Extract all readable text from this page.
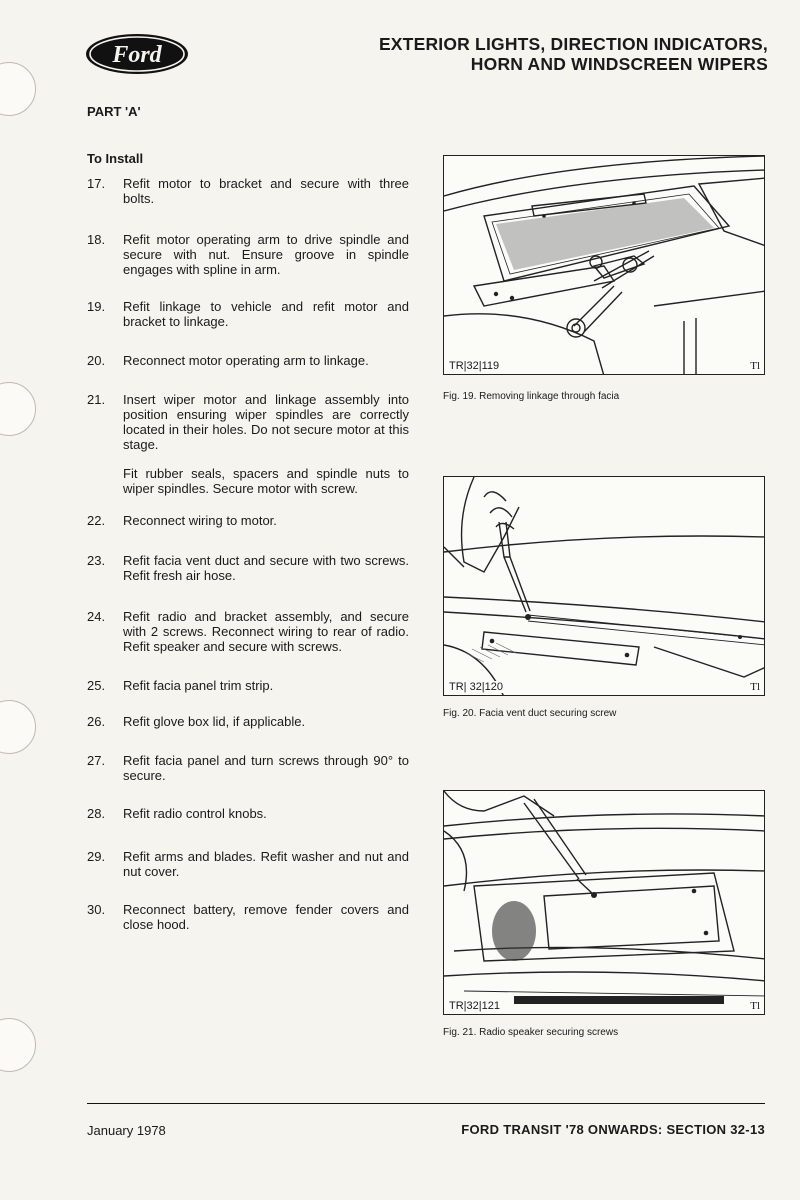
Ford	EXTERIOR LIGHTS, DIRECTION INDICATORS,
HORN AND WINDSCREEN WIPERS
PART 'A'
To Install
17.	Refit motor to bracket and secure with three bolts.

18.	Refit motor operating arm to drive spindle and secure with nut. Ensure groove in spindle engages with spline in arm.

19.	Refit linkage to vehicle and refit motor and bracket to linkage.

20.	Reconnect motor operating arm to linkage.

21.	Insert wiper motor and linkage assembly into position ensuring wiper spindles are correctly located in their holes. Do not secure motor at this stage.

Fit rubber seals, spacers and spindle nuts to wiper spindles. Secure motor with screw.

22.	Reconnect wiring to motor.

23.	Refit facia vent duct and secure with two screws. Refit fresh air hose.

24.	Refit radio and bracket assembly, and secure with 2 screws. Reconnect wiring to rear of radio. Refit speaker and secure with screws.

25.	Refit facia panel trim strip.

26.	Refit glove box lid, if applicable.

27.	Refit facia panel and turn screws through 90° to secure.

28.	Refit radio control knobs.

29.	Refit arms and blades. Refit washer and nut and nut cover.

30.	Reconnect battery, remove fender covers and close hood.

TR|32|119	Tl
Fig. 19. Removing linkage through facia
TR| 32|120	Tl
Fig. 20. Facia vent duct securing screw
TR|32|121	Tl
Fig. 21. Radio speaker securing screws
January 1978	FORD TRANSIT '78 ONWARDS: SECTION 32-13
